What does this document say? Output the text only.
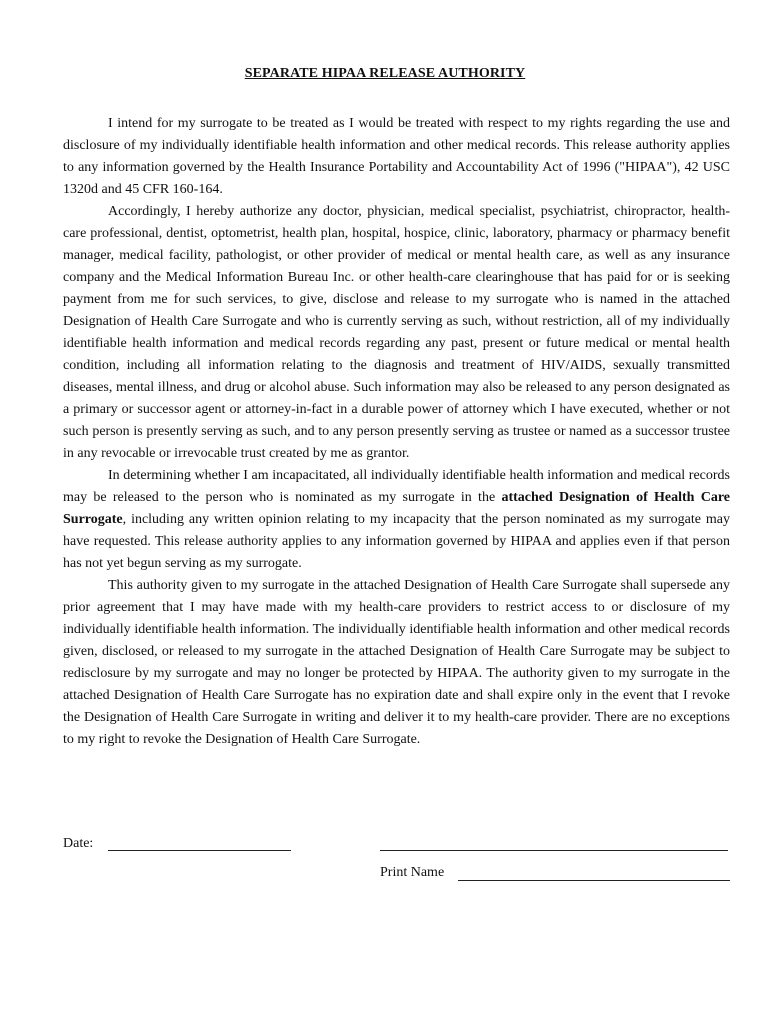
SEPARATE HIPAA RELEASE AUTHORITY

I intend for my surrogate to be treated as I would be treated with respect to my rights regarding the use and disclosure of my individually identifiable health information and other medical records. This release authority applies to any information governed by the Health Insurance Portability and Accountability Act of 1996 ("HIPAA"), 42 USC 1320d and 45 CFR 160-164.

Accordingly, I hereby authorize any doctor, physician, medical specialist, psychiatrist, chiropractor, health-care professional, dentist, optometrist, health plan, hospital, hospice, clinic, laboratory, pharmacy or pharmacy benefit manager, medical facility, pathologist, or other provider of medical or mental health care, as well as any insurance company and the Medical Information Bureau Inc. or other health-care clearinghouse that has paid for or is seeking payment from me for such services, to give, disclose and release to my surrogate who is named in the attached Designation of Health Care Surrogate and who is currently serving as such, without restriction, all of my individually identifiable health information and medical records regarding any past, present or future medical or mental health condition, including all information relating to the diagnosis and treatment of HIV/AIDS, sexually transmitted diseases, mental illness, and drug or alcohol abuse. Such information may also be released to any person designated as a primary or successor agent or attorney-in-fact in a durable power of attorney which I have executed, whether or not such person is presently serving as such, and to any person presently serving as trustee or named as a successor trustee in any revocable or irrevocable trust created by me as grantor.

In determining whether I am incapacitated, all individually identifiable health information and medical records may be released to the person who is nominated as my surrogate in the attached Designation of Health Care Surrogate, including any written opinion relating to my incapacity that the person nominated as my surrogate may have requested. This release authority applies to any information governed by HIPAA and applies even if that person has not yet begun serving as my surrogate.

This authority given to my surrogate in the attached Designation of Health Care Surrogate shall supersede any prior agreement that I may have made with my health-care providers to restrict access to or disclosure of my individually identifiable health information. The individually identifiable health information and other medical records given, disclosed, or released to my surrogate in the attached Designation of Health Care Surrogate may be subject to redisclosure by my surrogate and may no longer be protected by HIPAA. The authority given to my surrogate in the attached Designation of Health Care Surrogate has no expiration date and shall expire only in the event that I revoke the Designation of Health Care Surrogate in writing and deliver it to my health-care provider. There are no exceptions to my right to revoke the Designation of Health Care Surrogate.

Date:
Print Name
